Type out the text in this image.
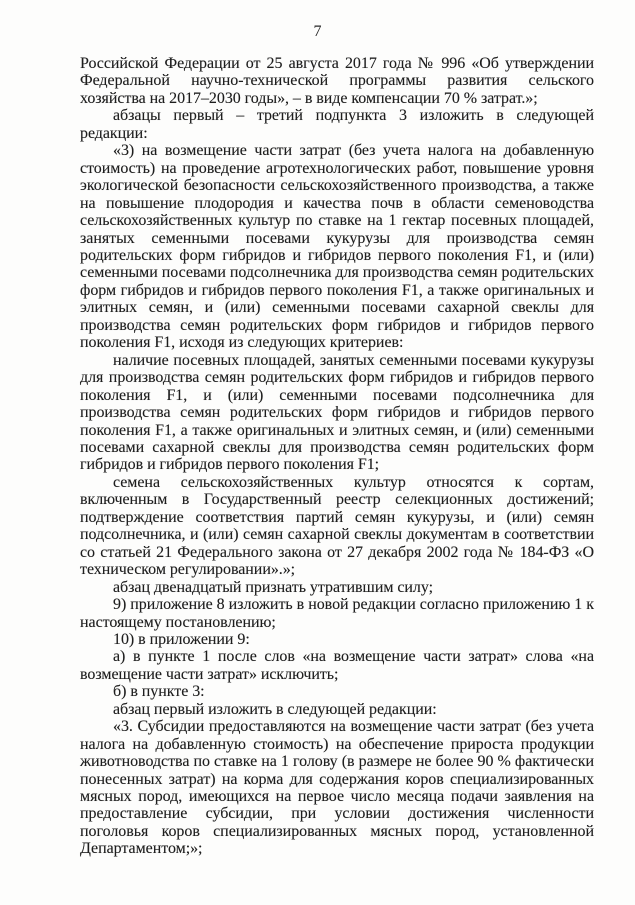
7

Российской Федерации от 25 августа 2017 года № 996 «Об утверждении Федеральной научно-технической программы развития сельского хозяйства на 2017–2030 годы», – в виде компенсации 70 % затрат.»;

абзацы первый – третий подпункта 3 изложить в следующей редакции:

«3) на возмещение части затрат (без учета налога на добавленную стоимость) на проведение агротехнологических работ, повышение уровня экологической безопасности сельскохозяйственного производства, а также на повышение плодородия и качества почв в области семеноводства сельскохозяйственных культур по ставке на 1 гектар посевных площадей, занятых семенными посевами кукурузы для производства семян родительских форм гибридов и гибридов первого поколения F1, и (или) семенными посевами подсолнечника для производства семян родительских форм гибридов и гибридов первого поколения F1, а также оригинальных и элитных семян, и (или) семенными посевами сахарной свеклы для производства семян родительских форм гибридов и гибридов первого поколения F1, исходя из следующих критериев:

наличие посевных площадей, занятых семенными посевами кукурузы для производства семян родительских форм гибридов и гибридов первого поколения F1, и (или) семенными посевами подсолнечника для производства семян родительских форм гибридов и гибридов первого поколения F1, а также оригинальных и элитных семян, и (или) семенными посевами сахарной свеклы для производства семян родительских форм гибридов и гибридов первого поколения F1;

семена сельскохозяйственных культур относятся к сортам, включенным в Государственный реестр селекционных достижений; подтверждение соответствия партий семян кукурузы, и (или) семян подсолнечника, и (или) семян сахарной свеклы документам в соответствии со статьей 21 Федерального закона от 27 декабря 2002 года № 184-ФЗ «О техническом регулировании».»;

абзац двенадцатый признать утратившим силу;

9) приложение 8 изложить в новой редакции согласно приложению 1 к настоящему постановлению;

10) в приложении 9:

а) в пункте 1 после слов «на возмещение части затрат» слова «на возмещение части затрат» исключить;

б) в пункте 3:

абзац первый изложить в следующей редакции:

«3. Субсидии предоставляются на возмещение части затрат (без учета налога на добавленную стоимость) на обеспечение прироста продукции животноводства по ставке на 1 голову (в размере не более 90 % фактически понесенных затрат) на корма для содержания коров специализированных мясных пород, имеющихся на первое число месяца подачи заявления на предоставление субсидии, при условии достижения численности поголовья коров специализированных мясных пород, установленной Департаментом;»;
